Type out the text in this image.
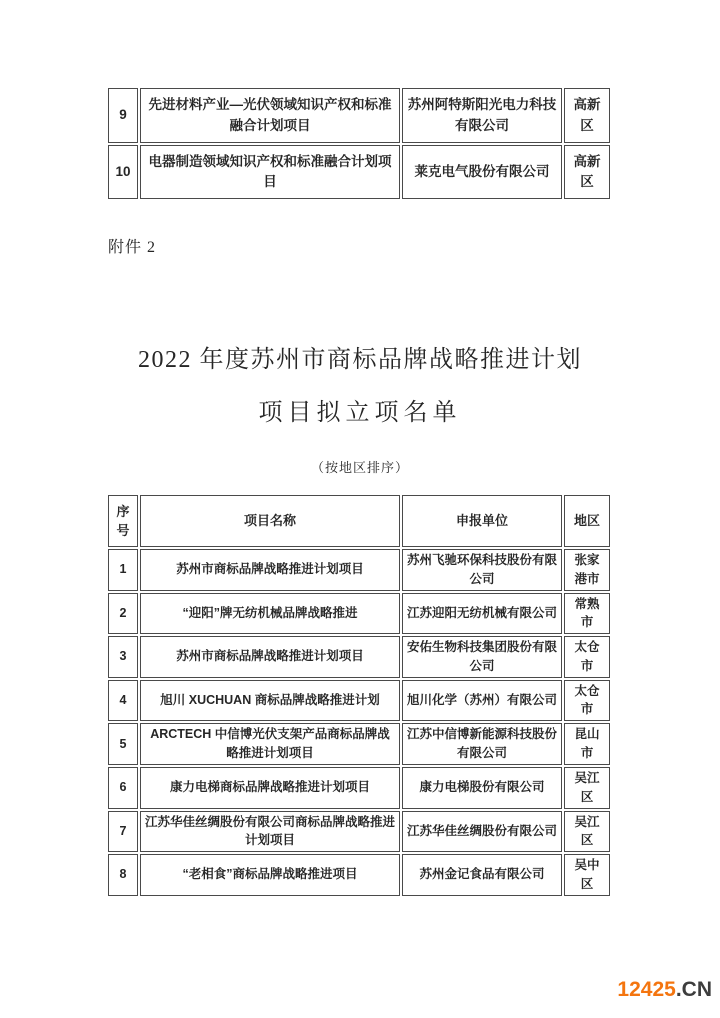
9	先进材料产业—光伏领域知识产权和标准融合计划项目	苏州阿特斯阳光电力科技有限公司	高新区
10	电器制造领域知识产权和标准融合计划项目	莱克电气股份有限公司	高新区
附件 2
2022 年度苏州市商标品牌战略推进计划
项目拟立项名单
（按地区排序）
序号	项目名称	申报单位	地区
1	苏州市商标品牌战略推进计划项目	苏州飞驰环保科技股份有限公司	张家港市
2	“迎阳”牌无纺机械品牌战略推进	江苏迎阳无纺机械有限公司	常熟市
3	苏州市商标品牌战略推进计划项目	安佑生物科技集团股份有限公司	太仓市
4	旭川 XUCHUAN 商标品牌战略推进计划	旭川化学（苏州）有限公司	太仓市
5	ARCTECH 中信博光伏支架产品商标品牌战略推进计划项目	江苏中信博新能源科技股份有限公司	昆山市
6	康力电梯商标品牌战略推进计划项目	康力电梯股份有限公司	吴江区
7	江苏华佳丝绸股份有限公司商标品牌战略推进计划项目	江苏华佳丝绸股份有限公司	吴江区
8	“老相食”商标品牌战略推进项目	苏州金记食品有限公司	吴中区
12425.CN
